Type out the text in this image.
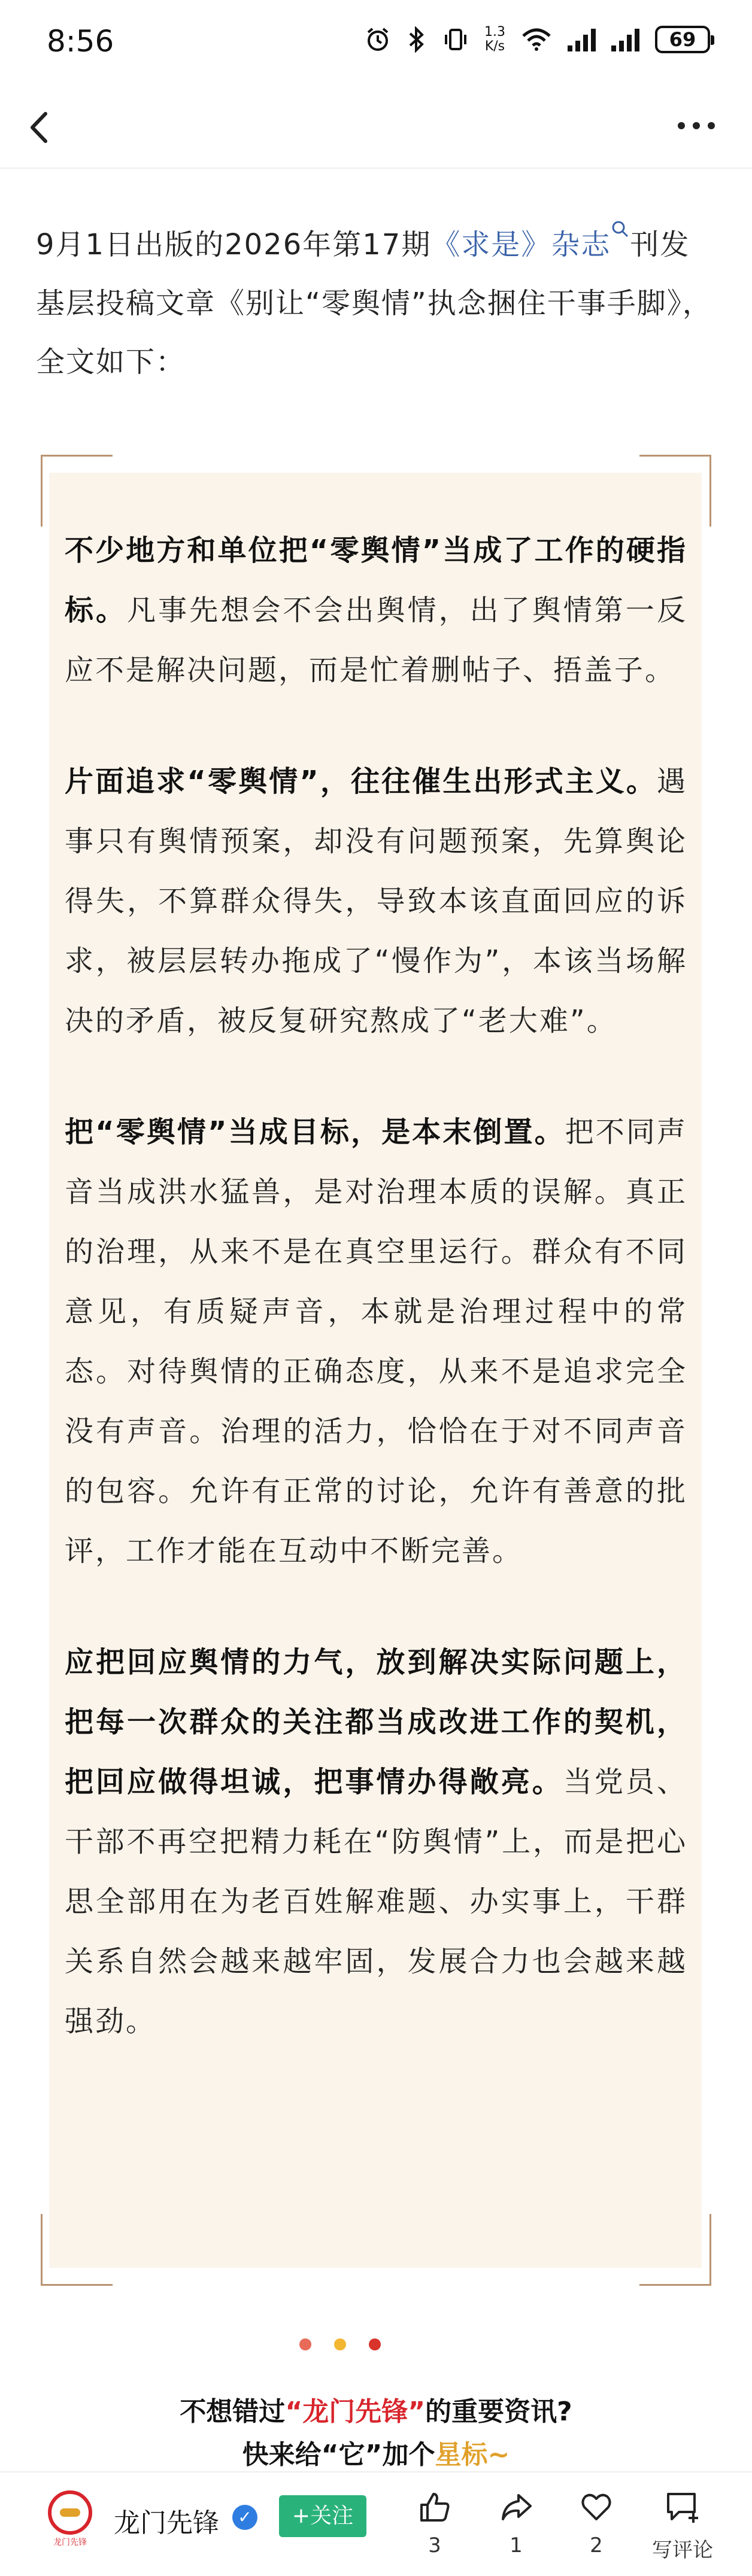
8:56	1.3
K/s	69
9月1日出版的2026年第17期《求是》杂志 刊发基层投稿文章《别让“零舆情”执念捆住干事手脚》，全文如下：

不少地方和单位把“零舆情”当成了工作的硬指标。凡事先想会不会出舆情，出了舆情第一反应不是解决问题，而是忙着删帖子、捂盖子。

片面追求“零舆情”，往往催生出形式主义。遇事只有舆情预案，却没有问题预案，先算舆论得失，不算群众得失，导致本该直面回应的诉求，被层层转办拖成了“慢作为”，本该当场解决的矛盾，被反复研究熬成了“老大难”。

把“零舆情”当成目标，是本末倒置。把不同声音当成洪水猛兽，是对治理本质的误解。真正的治理，从来不是在真空里运行。群众有不同意见，有质疑声音，本就是治理过程中的常态。对待舆情的正确态度，从来不是追求完全没有声音。治理的活力，恰恰在于对不同声音的包容。允许有正常的讨论，允许有善意的批评，工作才能在互动中不断完善。

应把回应舆情的力气，放到解决实际问题上，把每一次群众的关注都当成改进工作的契机，把回应做得坦诚，把事情办得敞亮。当党员、干部不再空把精力耗在“防舆情”上，而是把心思全部用在为老百姓解难题、办实事上，干群关系自然会越来越牢固，发展合力也会越来越强劲。

不想错过“龙门先锋”的重要资讯?
快来给“它”加个星标~
龙门先锋
龙门先锋	✓	+关注
3	1	2	写评论
